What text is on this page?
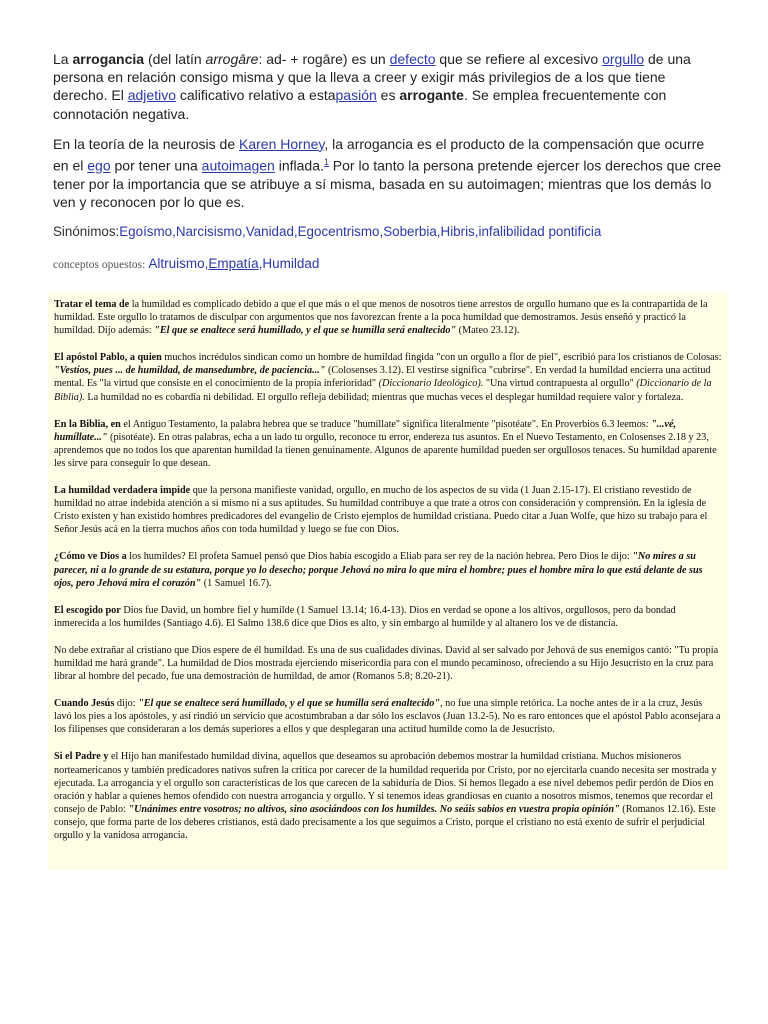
La arrogancia (del latín arrogāre: ad- + rogāre) es un defecto que se refiere al excesivo orgullo de una persona en relación consigo misma y que la lleva a creer y exigir más privilegios de a los que tiene derecho. El adjetivo calificativo relativo a estapasión es arrogante. Se emplea frecuentemente con connotación negativa.

En la teoría de la neurosis de Karen Horney, la arrogancia es el producto de la compensación que ocurre en el ego por tener una autoimagen inflada.$^1$ Por lo tanto la persona pretende ejercer los derechos que cree tener por la importancia que se atribuye a sí misma, basada en su autoimagen; mientras que los demás lo ven y reconocen por lo que es.

Sinónimos:Egoísmo,Narcisismo,Vanidad,Egocentrismo,Soberbia,Hibris,infalibilidad pontificia

conceptos opuestos: Altruismo,Empatía,Humildad

Tratar el tema de la humildad es complicado debido a que el que más o el que menos de nosotros tiene arrestos de orgullo humano que es la contrapartida de la humildad. Este orgullo lo tratamos de disculpar con argumentos que nos favorezcan frente a la poca humildad que demostramos. Jesús enseñó y practicó la humildad. Dijo además: "El que se enaltece será humillado, y el que se humilla será enaltecido" (Mateo 23.12).

El apóstol Pablo, a quien muchos incrédulos sindican como un hombre de humildad fingida "con un orgullo a flor de piel", escribió para los cristianos de Colosas: "Vestíos, pues ... de humildad, de mansedumbre, de paciencia..." (Colosenses 3.12). El vestirse significa "cubrirse". En verdad la humildad encierra una actitud mental. Es "la virtud que consiste en el conocimiento de la propia inferioridad" (Diccionario Ideológico). "Una virtud contrapuesta al orgullo" (Diccionario de la Biblia). La humildad no es cobardía ni debilidad. El orgullo refleja debilidad; mientras que muchas veces el desplegar humildad requiere valor y fortaleza.

En la Biblia, en el Antiguo Testamento, la palabra hebrea que se traduce "humíllate" significa literalmente "pisotéate". En Proverbios 6.3 leemos: "...vé, humíllate..." (pisotéate). En otras palabras, echa a un lado tu orgullo, reconoce tu error, endereza tus asuntos. En el Nuevo Testamento, en Colosenses 2.18 y 23, aprendemos que no todos los que aparentan humildad la tienen genuinamente. Algunos de aparente humildad pueden ser orgullosos tenaces. Su humildad aparente les sirve para conseguir lo que desean.

La humildad verdadera impide que la persona manifieste vanidad, orgullo, en mucho de los aspectos de su vida (1 Juan 2.15-17). El cristiano revestido de humildad no atrae indebida atención a sí mismo ni a sus aptitudes. Su humildad contribuye a que trate a otros con consideración y comprensión. En la iglesia de Cristo existen y han existido hombres predicadores del evangelio de Cristo ejemplos de humildad cristiana. Puedo citar a Juan Wolfe, que hizo su trabajo para el Señor Jesús acá en la tierra muchos años con toda humildad y luego se fue con Dios.

¿Cómo ve Dios a los humildes? El profeta Samuel pensó que Dios había escogido a Eliab para ser rey de la nación hebrea. Pero Dios le dijo: "No mires a su parecer, ni a lo grande de su estatura, porque yo lo desecho; porque Jehová no mira lo que mira el hombre; pues el hombre mira lo que está delante de sus ojos, pero Jehová mira el corazón" (1 Samuel 16.7).

El escogido por Dios fue David, un hombre fiel y humilde (1 Samuel 13.14; 16.4-13). Dios en verdad se opone a los altivos, orgullosos, pero da bondad inmerecida a los humildes (Santiago 4.6). El Salmo 138.6 dice que Dios es alto, y sin embargo al humilde y al altanero los ve de distancia.

No debe extrañar al cristiano que Dios espere de él humildad. Es una de sus cualidades divinas. David al ser salvado por Jehová de sus enemigos cantó: "Tu propia humildad me hará grande". La humildad de Dios mostrada ejerciendo misericordia para con el mundo pecaminoso, ofreciendo a su Hijo Jesucristo en la cruz para librar al hombre del pecado, fue una demostración de humildad, de amor (Romanos 5.8; 8.20-21).

Cuando Jesús dijo: "El que se enaltece será humillado, y el que se humilla será enaltecido", no fue una simple retórica. La noche antes de ir a la cruz, Jesús lavó los pies a los apóstoles, y así rindió un servicio que acostumbraban a dar sólo los esclavos (Juan 13.2-5). No es raro entonces que el apóstol Pablo aconsejara a los filipenses que consideraran a los demás superiores a ellos y que desplegaran una actitud humilde como la de Jesucristo.

Si el Padre y el Hijo han manifestado humildad divina, aquellos que deseamos su aprobación debemos mostrar la humildad cristiana. Muchos misioneros norteamericanos y también predicadores nativos sufren la crítica por carecer de la humildad requerida por Cristo, por no ejercitarla cuando necesita ser mostrada y ejecutada. La arrogancia y el orgullo son características de los que carecen de la sabiduría de Dios. Si hemos llegado a ese nivel debemos pedir perdón de Dios en oración y hablar a quienes hemos ofendido con nuestra arrogancia y orgullo. Y si tenemos ideas grandiosas en cuanto a nosotros mismos, tenemos que recordar el consejo de Pablo: "Unánimes entre vosotros; no altivos, sino asociándoos con los humildes. No seáis sabios en vuestra propia opinión" (Romanos 12.16). Este consejo, que forma parte de los deberes cristianos, está dado precisamente a los que seguimos a Cristo, porque el cristiano no está exento de sufrir el perjudicial orgullo y la vanidosa arrogancia.
